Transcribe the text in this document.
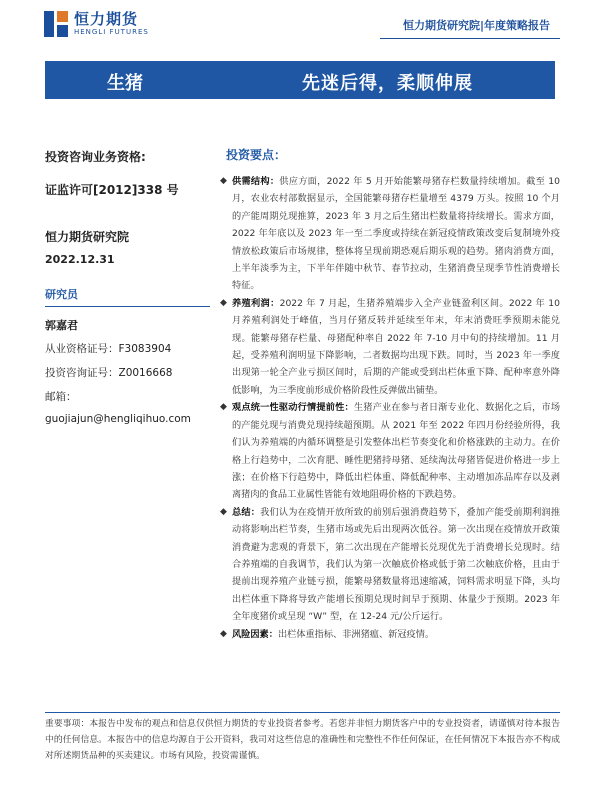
恒力期货
HENGLI FUTURES	恒力期货研究院|年度策略报告
生猪	先迷后得，柔顺伸展
投资咨询业务资格:
证监许可[2012]338 号
恒力期货研究院
2022.12.31
研究员
郭嘉君
从业资格证号：F3083904
投资咨询证号：Z0016668
邮箱：
guojiajun@hengliqihuo.com
投资要点：
◆ 供需结构：供应方面，2022 年 5 月开始能繁母猪存栏数量持续增加。截至 10 月，农业农村部数据显示，全国能繁母猪存栏量增至 4379 万头。按照 10 个月的产能周期兑现推算，2023 年 3 月之后生猪出栏数量将持续增长。需求方面，2022 年年底以及 2023 年一至二季度或持续在新冠疫情政策改变后复制境外疫情放松政策后市场规律，整体将呈现前期恐观后期乐观的趋势。猪肉消费方面，上半年淡季为主，下半年伴随中秋节、春节拉动，生猪消费呈现季节性消费增长特征。
◆ 养殖利润：2022 年 7 月起，生猪养殖端步入全产业链盈利区间。2022 年 10 月养殖利润处于峰值，当月仔猪反转并延续至年末，年末消费旺季预期未能兑现。能繁母猪存栏量、母猪配种率自 2022 年 7-10 月中旬的持续增加。11 月起，受养殖利润明显下降影响，二者数据均出现下跌。同时，当 2023 年一季度出现第一轮全产业亏损区间时，后期的产能或受到出栏体重下降、配种率意外降低影响，为三季度前形成价格阶段性反弹做出铺垫。
◆ 观点统一性驱动行情提前性：生猪产业在参与者日渐专业化、数据化之后，市场的产能兑现与消费兑现持续超预期。从 2021 年至 2022 年四月份经验所得，我们认为养殖端的内循环调整是引发整体出栏节奏变化和价格涨跌的主动力。在价格上行趋势中，二次育肥、睡性肥猪持母猪、延续淘汰母猪皆促进价格进一步上涨；在价格下行趋势中，降低出栏体重、降低配种率、主动增加冻品库存以及剥离猪肉的食品工业属性皆能有效地阻碍价格的下跌趋势。
◆ 总结：我们认为在疫情开放所致的前别后强消费趋势下，叠加产能受前期利润推动将影响出栏节奏，生猪市场或先后出现两次低谷。第一次出现在疫情放开政策消费避为悲观的背景下，第二次出现在产能增长兑现优先于消费增长兑现时。结合养殖端的自我调节，我们认为第一次触底价格或低于第二次触底价格，且由于提前出现养殖产业链亏损，能繁母猪数量将迅速缩减，饲料需求明显下降，头均出栏体重下降将导致产能增长预期兑现时间早于预期、体量少于预期。2023 年全年度猪价或呈现 “W” 型，在 12-24 元/公斤运行。
◆ 风险因素：出栏体重指标、非洲猪瘟、新冠疫情。
重要事项：本报告中发布的观点和信息仅供恒力期货的专业投资者参考。若您并非恒力期货客户中的专业投资者，请谨慎对待本报告中的任何信息。本报告中的信息均源自于公开资料，我司对这些信息的准确性和完整性不作任何保证，在任何情况下本报告亦不构成对所述期货品种的买卖建议。市场有风险，投资需谨慎。
